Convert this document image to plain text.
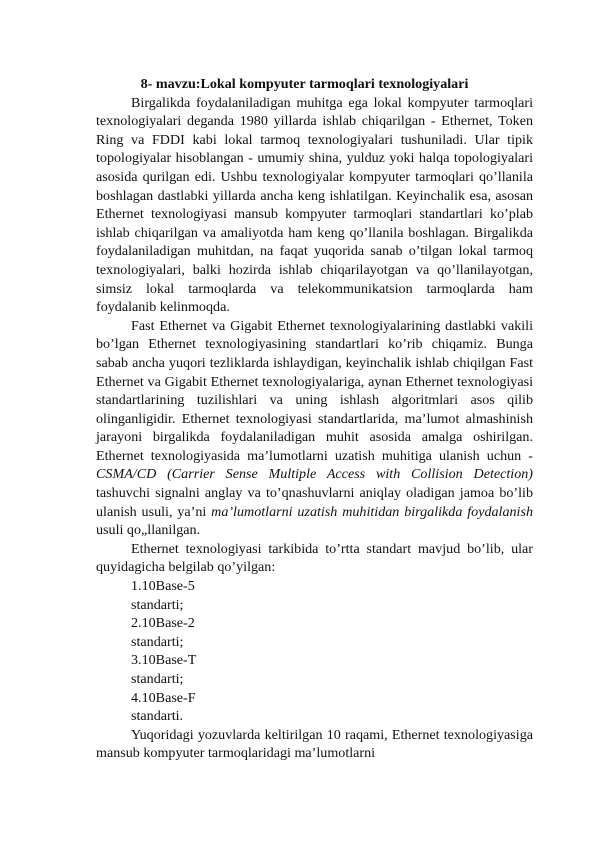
8- mavzu:Lokal kompyuter tarmoqlari texnologiyalari

Birgalikda foydalaniladigan muhitga ega lokal kompyuter tarmoqlari texnologiyalari deganda 1980 yillarda ishlab chiqarilgan - Ethernet, Token Ring va FDDI kabi lokal tarmoq texnologiyalari tushuniladi. Ular tipik topologiyalar hisoblangan - umumiy shina, yulduz yoki halqa topologiyalari asosida qurilgan edi. Ushbu texnologiyalar kompyuter tarmoqlari qo’llanila boshlagan dastlabki yillarda ancha keng ishlatilgan. Keyinchalik esa, asosan Ethernet texnologiyasi mansub kompyuter tarmoqlari standartlari ko’plab ishlab chiqarilgan va amaliyotda ham keng qo’llanila boshlagan. Birgalikda foydalaniladigan muhitdan, na faqat yuqorida sanab o’tilgan lokal tarmoq texnologiyalari, balki hozirda ishlab chiqarilayotgan va qo’llanilayotgan, simsiz lokal tarmoqlarda va telekommunikatsion tarmoqlarda ham foydalanib kelinmoqda.

Fast Ethernet va Gigabit Ethernet texnologiyalarining dastlabki vakili bo’lgan Ethernet texnologiyasining standartlari ko’rib chiqamiz. Bunga sabab ancha yuqori tezliklarda ishlaydigan, keyinchalik ishlab chiqilgan Fast Ethernet va Gigabit Ethernet texnologiyalariga, aynan Ethernet texnologiyasi standartlarining tuzilishlari va uning ishlash algoritmlari asos qilib olinganligidir. Ethernet texnologiyasi standartlarida, ma’lumot almashinish jarayoni birgalikda foydalaniladigan muhit asosida amalga oshirilgan. Ethernet texnologiyasida ma’lumotlarni uzatish muhitiga ulanish uchun - CSMA/CD (Carrier Sense Multiple Access with Collision Detection) tashuvchi signalni anglay va to’qnashuvlarni aniqlay oladigan jamoa bo’lib ulanish usuli, ya’ni ma’lumotlarni uzatish muhitidan birgalikda foydalanish usuli qo„llanilgan.

Ethernet texnologiyasi tarkibida to’rtta standart mavjud bo’lib, ular quyidagicha belgilab qo’yilgan:

1.10Base-5
standarti;
2.10Base-2
standarti;
3.10Base-T
standarti;
4.10Base-F
standarti.

Yuqoridagi yozuvlarda keltirilgan 10 raqami, Ethernet texnologiyasiga mansub kompyuter tarmoqlaridagi ma’lumotlarni
